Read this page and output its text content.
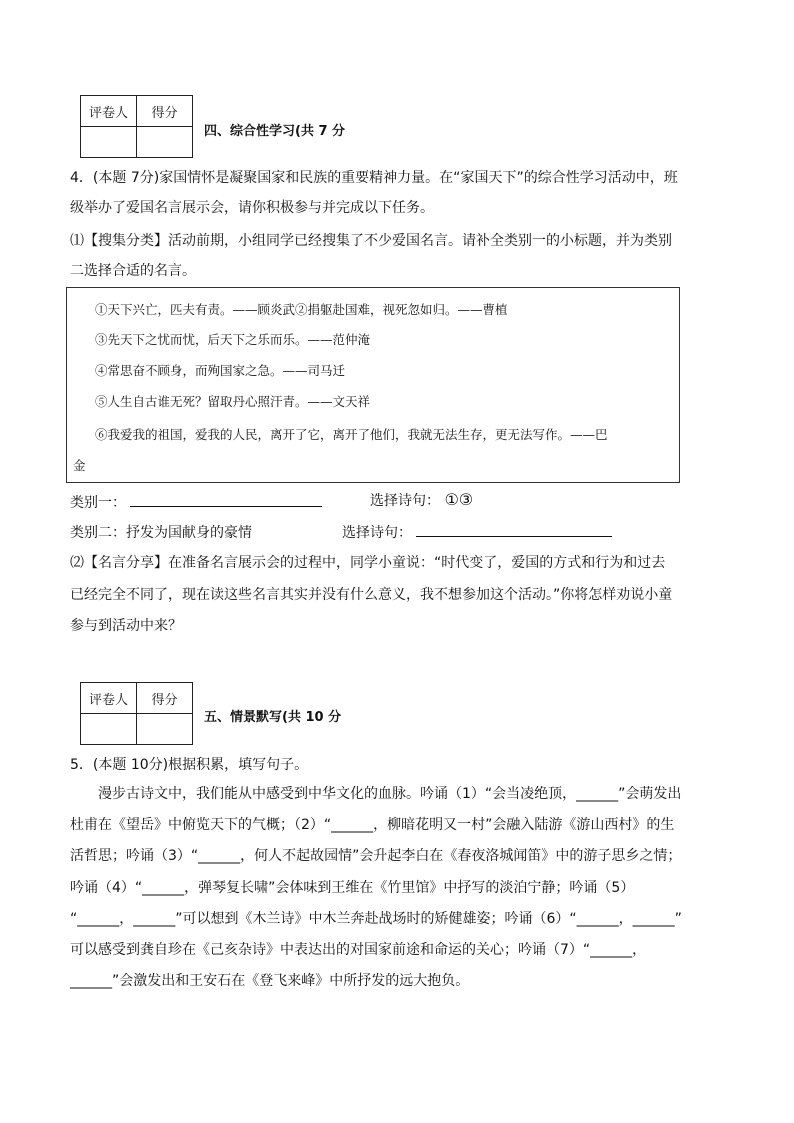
评卷人	得分

四、综合性学习(共 7 分
4．(本题 7分)家国情怀是凝聚国家和民族的重要精神力量。在“家国天下”的综合性学习活动中，班
级举办了爱国名言展示会，请你积极参与并完成以下任务。
⑴【搜集分类】活动前期，小组同学已经搜集了不少爱国名言。请补全类别一的小标题，并为类别
二选择合适的名言。
①天下兴亡，匹夫有责。——顾炎武②捐躯赴国难，视死忽如归。——曹植
③先天下之忧而忧，后天下之乐而乐。——范仲淹
④常思奋不顾身，而殉国家之急。——司马迁
⑤人生自古谁无死？留取丹心照汗青。——文天祥
⑥我爱我的祖国，爱我的人民，离开了它，离开了他们，我就无法生存，更无法写作。——巴
金
类别一：	选择诗句： ①③
类别二：抒发为国献身的豪情	选择诗句：
⑵【名言分享】在准备名言展示会的过程中，同学小童说：“时代变了，爱国的方式和行为和过去
已经完全不同了，现在读这些名言其实并没有什么意义，我不想参加这个活动。”你将怎样劝说小童
参与到活动中来？
评卷人	得分

五、情景默写(共 10 分
5．(本题 10分)根据积累，填写句子。
　　漫步古诗文中，我们能从中感受到中华文化的血脉。吟诵（1）“会当凌绝顶，______”会萌发出
杜甫在《望岳》中俯览天下的气概；（2）“______，柳暗花明又一村”会融入陆游《游山西村》的生
活哲思；吟诵（3）“______，何人不起故园情”会升起李白在《春夜洛城闻笛》中的游子思乡之情；
吟诵（4）“______，弹琴复长啸”会体味到王维在《竹里馆》中抒写的淡泊宁静；吟诵（5）
“______，______”可以想到《木兰诗》中木兰奔赴战场时的矫健雄姿；吟诵（6）“______，______”
可以感受到龚自珍在《己亥杂诗》中表达出的对国家前途和命运的关心；吟诵（7）“______，
______”会激发出和王安石在《登飞来峰》中所抒发的远大抱负。
